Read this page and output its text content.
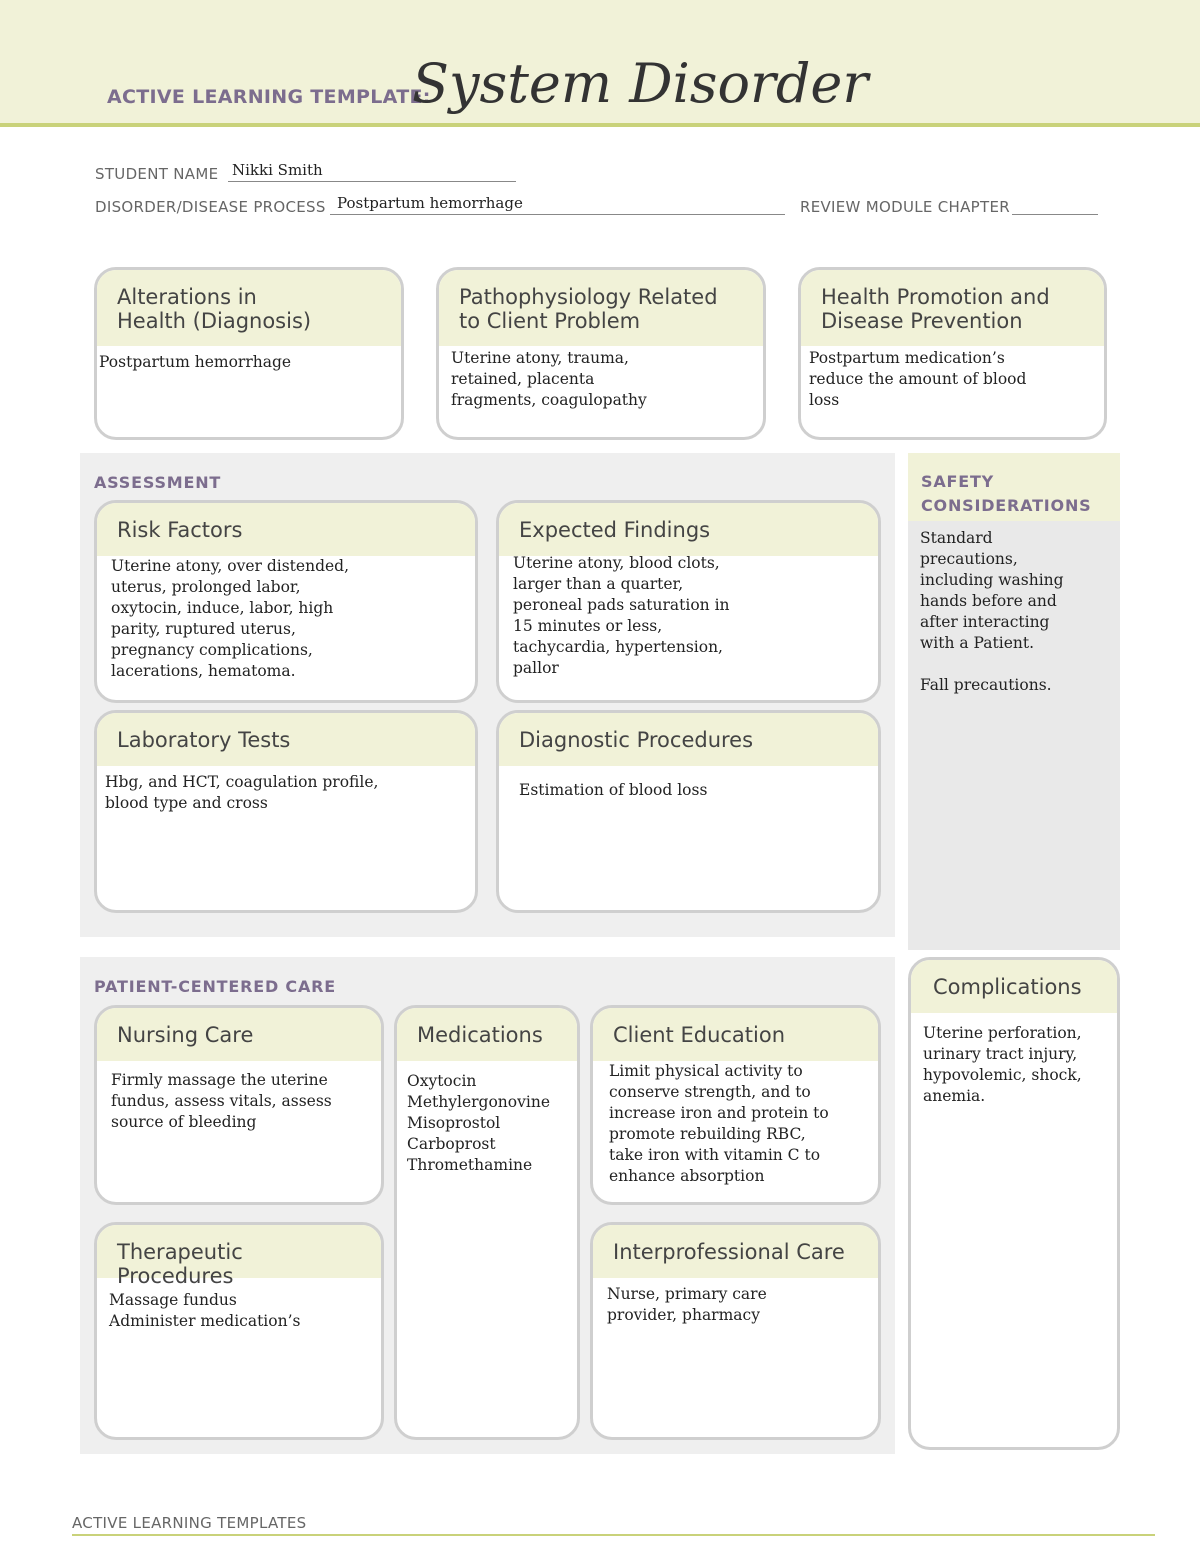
ACTIVE LEARNING TEMPLATE:
System Disorder
STUDENT NAME Nikki Smith
DISORDER/DISEASE PROCESS Postpartum hemorrhage	REVIEW MODULE CHAPTER
Alterations in
Health (Diagnosis)
Postpartum hemorrhage
Pathophysiology Related
to Client Problem
Uterine atony, trauma,
retained, placenta
fragments, coagulopathy
Health Promotion and
Disease Prevention
Postpartum medication’s
reduce the amount of blood
loss
ASSESSMENT
Risk Factors
Uterine atony, over distended,
uterus, prolonged labor,
oxytocin, induce, labor, high
parity, ruptured uterus,
pregnancy complications,
lacerations, hematoma.
Expected Findings
Uterine atony, blood clots,
larger than a quarter,
peroneal pads saturation in
15 minutes or less,
tachycardia, hypertension,
pallor
Laboratory Tests
Hbg, and HCT, coagulation profile,
blood type and cross
Diagnostic Procedures
Estimation of blood loss
SAFETY
CONSIDERATIONS
Standard
precautions,
including washing
hands before and
after interacting
with a Patient.

Fall precautions.
PATIENT-CENTERED CARE
Nursing Care
Firmly massage the uterine
fundus, assess vitals, assess
source of bleeding
Medications
Oxytocin
Methylergonovine
Misoprostol
Carboprost
Thromethamine
Client Education
Limit physical activity to
conserve strength, and to
increase iron and protein to
promote rebuilding RBC,
take iron with vitamin C to
enhance absorption
Therapeutic Procedures
Massage fundus
Administer medication’s
Interprofessional Care
Nurse, primary care
provider, pharmacy
Complications
Uterine perforation,
urinary tract injury,
hypovolemic, shock,
anemia.
ACTIVE LEARNING TEMPLATES
